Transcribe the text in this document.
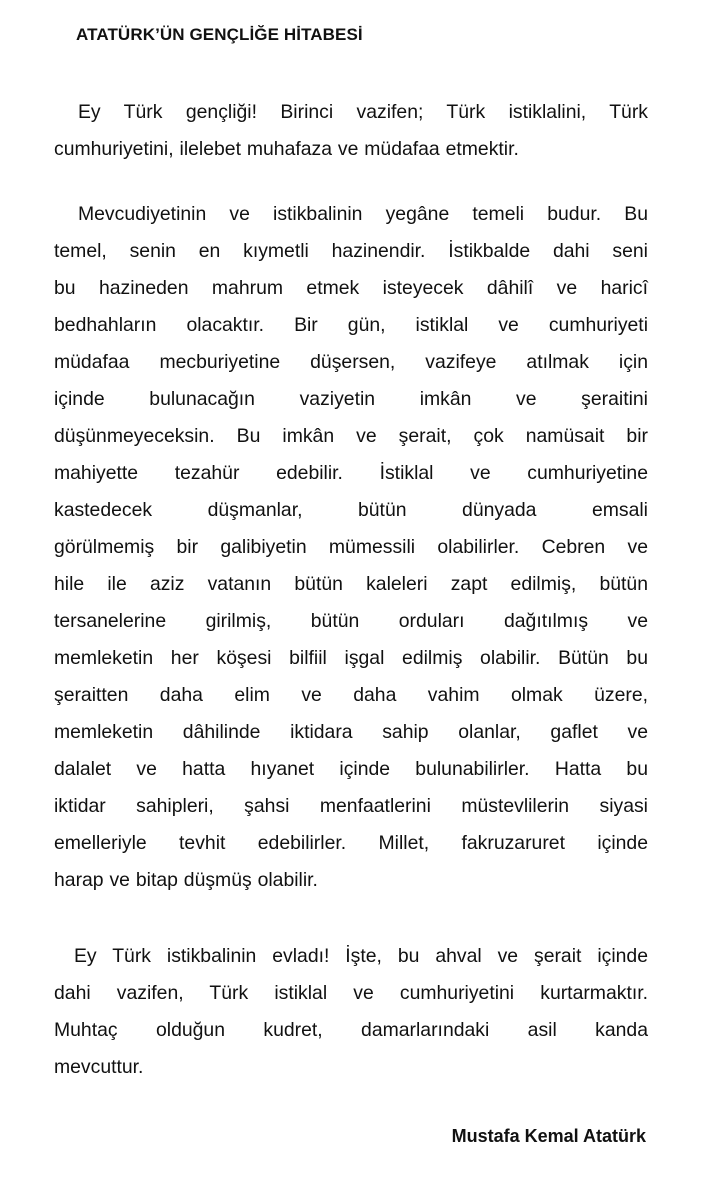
ATATÜRK’ÜN GENÇLİĞE HİTABESİ
Ey Türk gençliği! Birinci vazifen; Türk istiklalini, Türk
cumhuriyetini, ilelebet muhafaza ve müdafaa etmektir.
Mevcudiyetinin ve istikbalinin yegâne temeli budur. Bu
temel, senin en kıymetli hazinendir. İstikbalde dahi seni
bu hazineden mahrum etmek isteyecek dâhilî ve haricî
bedhahların olacaktır. Bir gün, istiklal ve cumhuriyeti
müdafaa mecburiyetine düşersen, vazifeye atılmak için
içinde bulunacağın vaziyetin imkân ve şeraitini
düşünmeyeceksin. Bu imkân ve şerait, çok namüsait bir
mahiyette tezahür edebilir. İstiklal ve cumhuriyetine
kastedecek düşmanlar, bütün dünyada emsali
görülmemiş bir galibiyetin mümessili olabilirler. Cebren ve
hile ile aziz vatanın bütün kaleleri zapt edilmiş, bütün
tersanelerine girilmiş, bütün orduları dağıtılmış ve
memleketin her köşesi bilfiil işgal edilmiş olabilir. Bütün bu
şeraitten daha elim ve daha vahim olmak üzere,
memleketin dâhilinde iktidara sahip olanlar, gaflet ve
dalalet ve hatta hıyanet içinde bulunabilirler. Hatta bu
iktidar sahipleri, şahsi menfaatlerini müstevlilerin siyasi
emelleriyle tevhit edebilirler. Millet, fakruzaruret içinde
harap ve bitap düşmüş olabilir.
Ey Türk istikbalinin evladı! İşte, bu ahval ve şerait içinde
dahi vazifen, Türk istiklal ve cumhuriyetini kurtarmaktır.
Muhtaç olduğun kudret, damarlarındaki asil kanda
mevcuttur.
Mustafa Kemal Atatürk
